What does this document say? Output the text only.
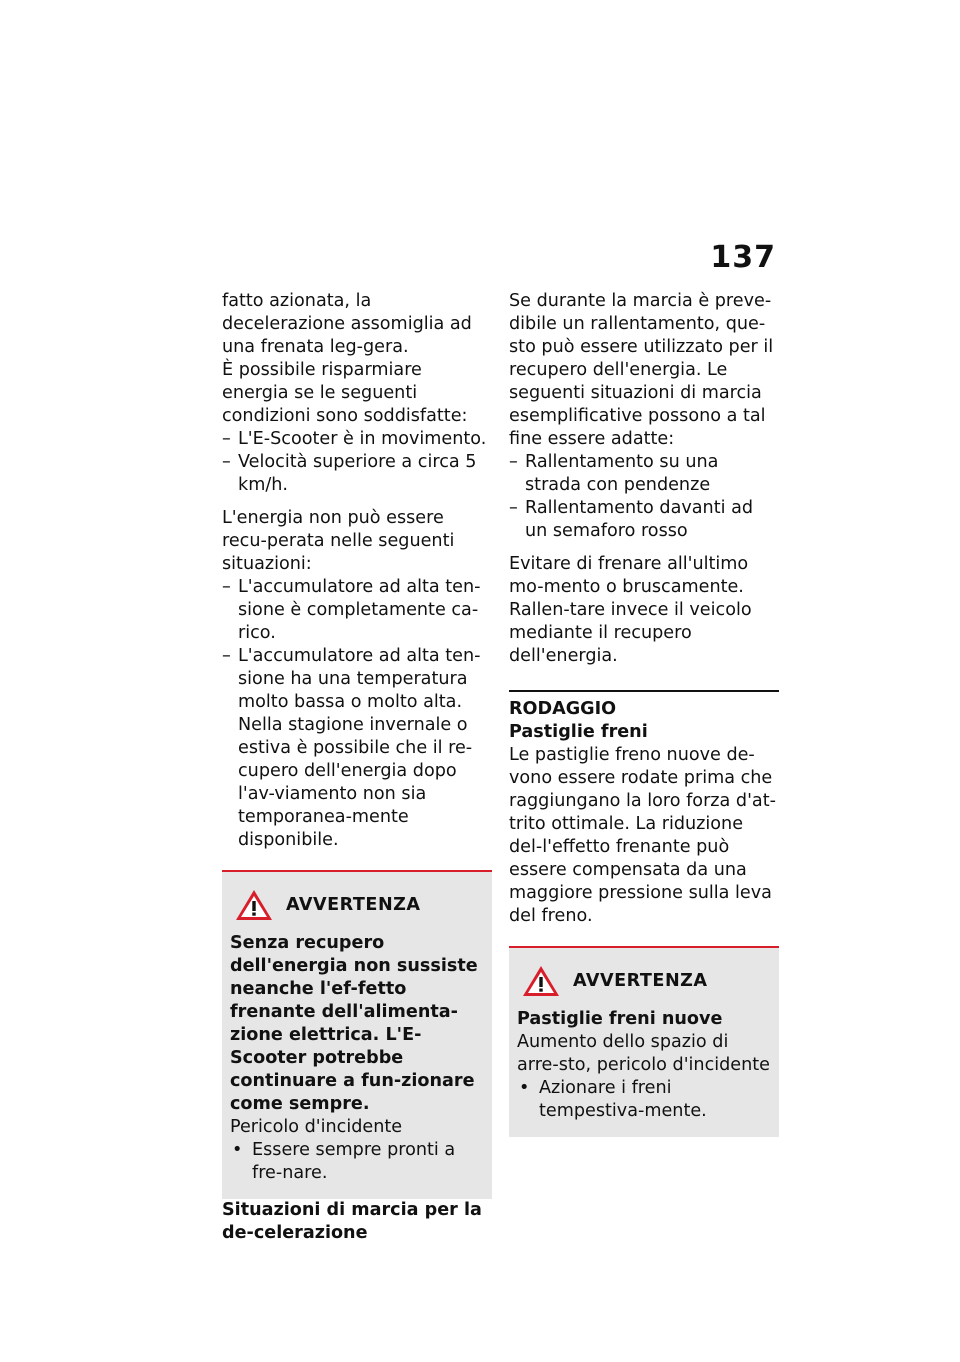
137

fatto azionata, la decelerazione assomiglia ad una frenata leg-gera.

È possibile risparmiare energia se le seguenti condizioni sono soddisfatte:

– L'E-Scooter è in movimento.
– Velocità superiore a circa 5 km/h.

L'energia non può essere recu-perata nelle seguenti situazioni:

– L'accumulatore ad alta ten-sione è completamente ca-rico.
– L'accumulatore ad alta ten-sione ha una temperatura molto bassa o molto alta. Nella stagione invernale o estiva è possibile che il re-cupero dell'energia dopo l'av-viamento non sia temporanea-mente disponibile.
AVVERTENZA

Senza recupero dell'energia non sussiste neanche l'ef-fetto frenante dell'alimenta-zione elettrica. L'E-Scooter potrebbe continuare a fun-zionare come sempre.

Pericolo d'incidente

• Essere sempre pronti a fre-nare.

Situazioni di marcia per la de-celerazione

Se durante la marcia è preve-dibile un rallentamento, que-sto può essere utilizzato per il recupero dell'energia. Le seguenti situazioni di marcia esemplificative possono a tal fine essere adatte:

– Rallentamento su una strada con pendenze
– Rallentamento davanti ad un semaforo rosso

Evitare di frenare all'ultimo mo-mento o bruscamente. Rallen-tare invece il veicolo mediante il recupero dell'energia.

RODAGGIO

Pastiglie freni

Le pastiglie freno nuove de-vono essere rodate prima che raggiungano la loro forza d'at-trito ottimale. La riduzione del-l'effetto frenante può essere compensata da una maggiore pressione sulla leva del freno.

AVVERTENZA

Pastiglie freni nuove

Aumento dello spazio di arre-sto, pericolo d'incidente

• Azionare i freni tempestiva-mente.
